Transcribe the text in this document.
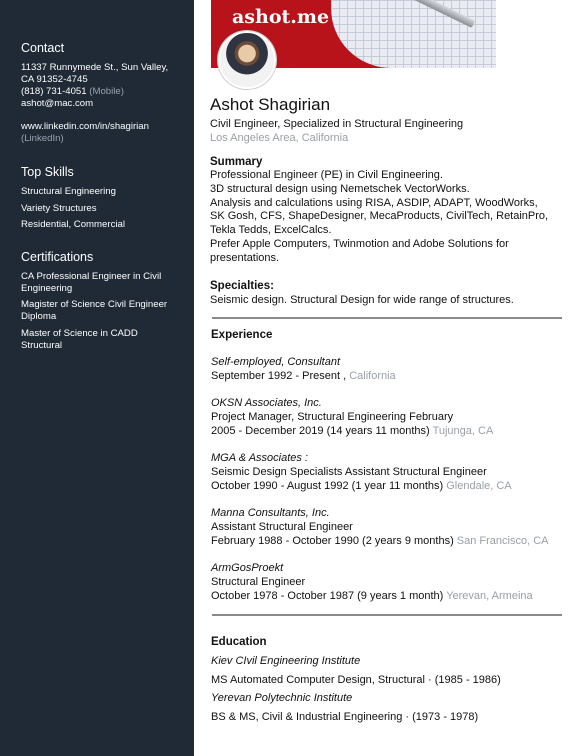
Contact
11337 Runnymede St., Sun Valley,
CA 91352-4745
(818) 731-4051 (Mobile)
ashot@mac.com
www.linkedin.com/in/shagirian
(LinkedIn)
Top Skills
Structural Engineering
Variety Structures
Residential, Commercial
Certifications
CA Professional Engineer in Civil
Engineering
Magister of Science Civil Engineer
Diploma
Master of Science in CADD
Structural
ashot.me
Ashot Shagirian
Civil Engineer, Specialized in Structural Engineering
Los Angeles Area, California
Summary
Professional Engineer (PE) in Civil Engineering.
3D structural design using Nemetschek VectorWorks.
Analysis and calculations using RISA, ASDIP, ADAPT, WoodWorks,
SK Gosh, CFS, ShapeDesigner, MecaProducts, CivilTech, RetainPro,
Tekla Tedds, ExcelCalcs.
Prefer Apple Computers, Twinmotion and Adobe Solutions for
presentations.
Specialties:
Seismic design. Structural Design for wide range of structures.
Experience
Self-employed, Consultant
September 1992 - Present , California
OKSN Associates, Inc.
Project Manager, Structural Engineering February
2005 - December 2019 (14 years 11 months) Tujunga, CA
MGA & Associates :
Seismic Design Specialists Assistant Structural Engineer
October 1990 - August 1992 (1 year 11 months) Glendale, CA
Manna Consultants, Inc.
Assistant Structural Engineer
February 1988 - October 1990 (2 years 9 months) San Francisco, CA
ArmGosProekt
Structural Engineer
October 1978 - October 1987 (9 years 1 month) Yerevan, Armeina
Education
Kiev CIvil Engineering Institute
MS Automated Computer Design, Structural · (1985 - 1986)
Yerevan Polytechnic Institute
BS & MS, Civil & Industrial Engineering · (1973 - 1978)
